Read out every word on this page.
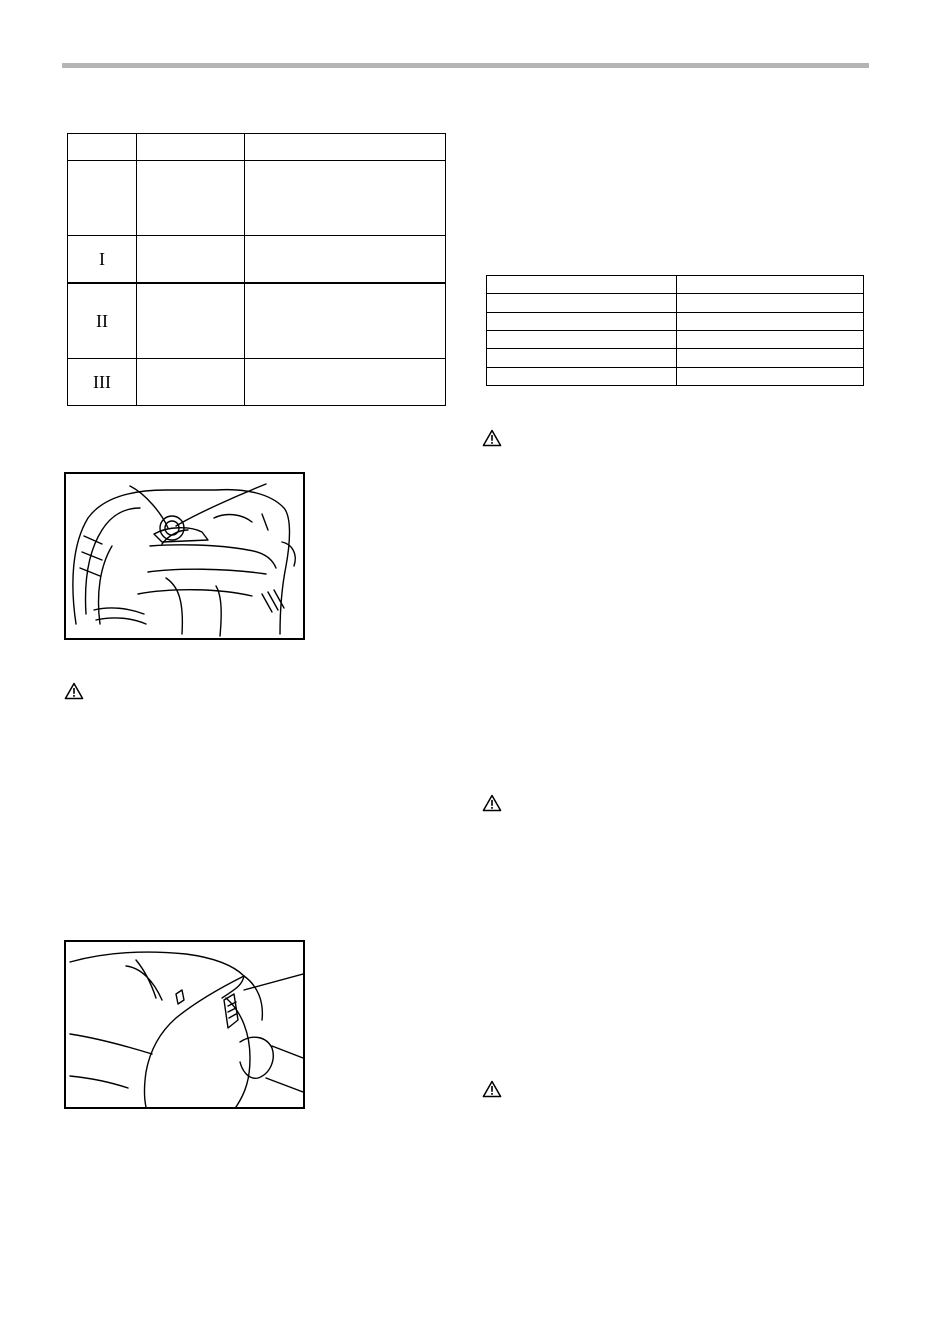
I		
II		
III		
